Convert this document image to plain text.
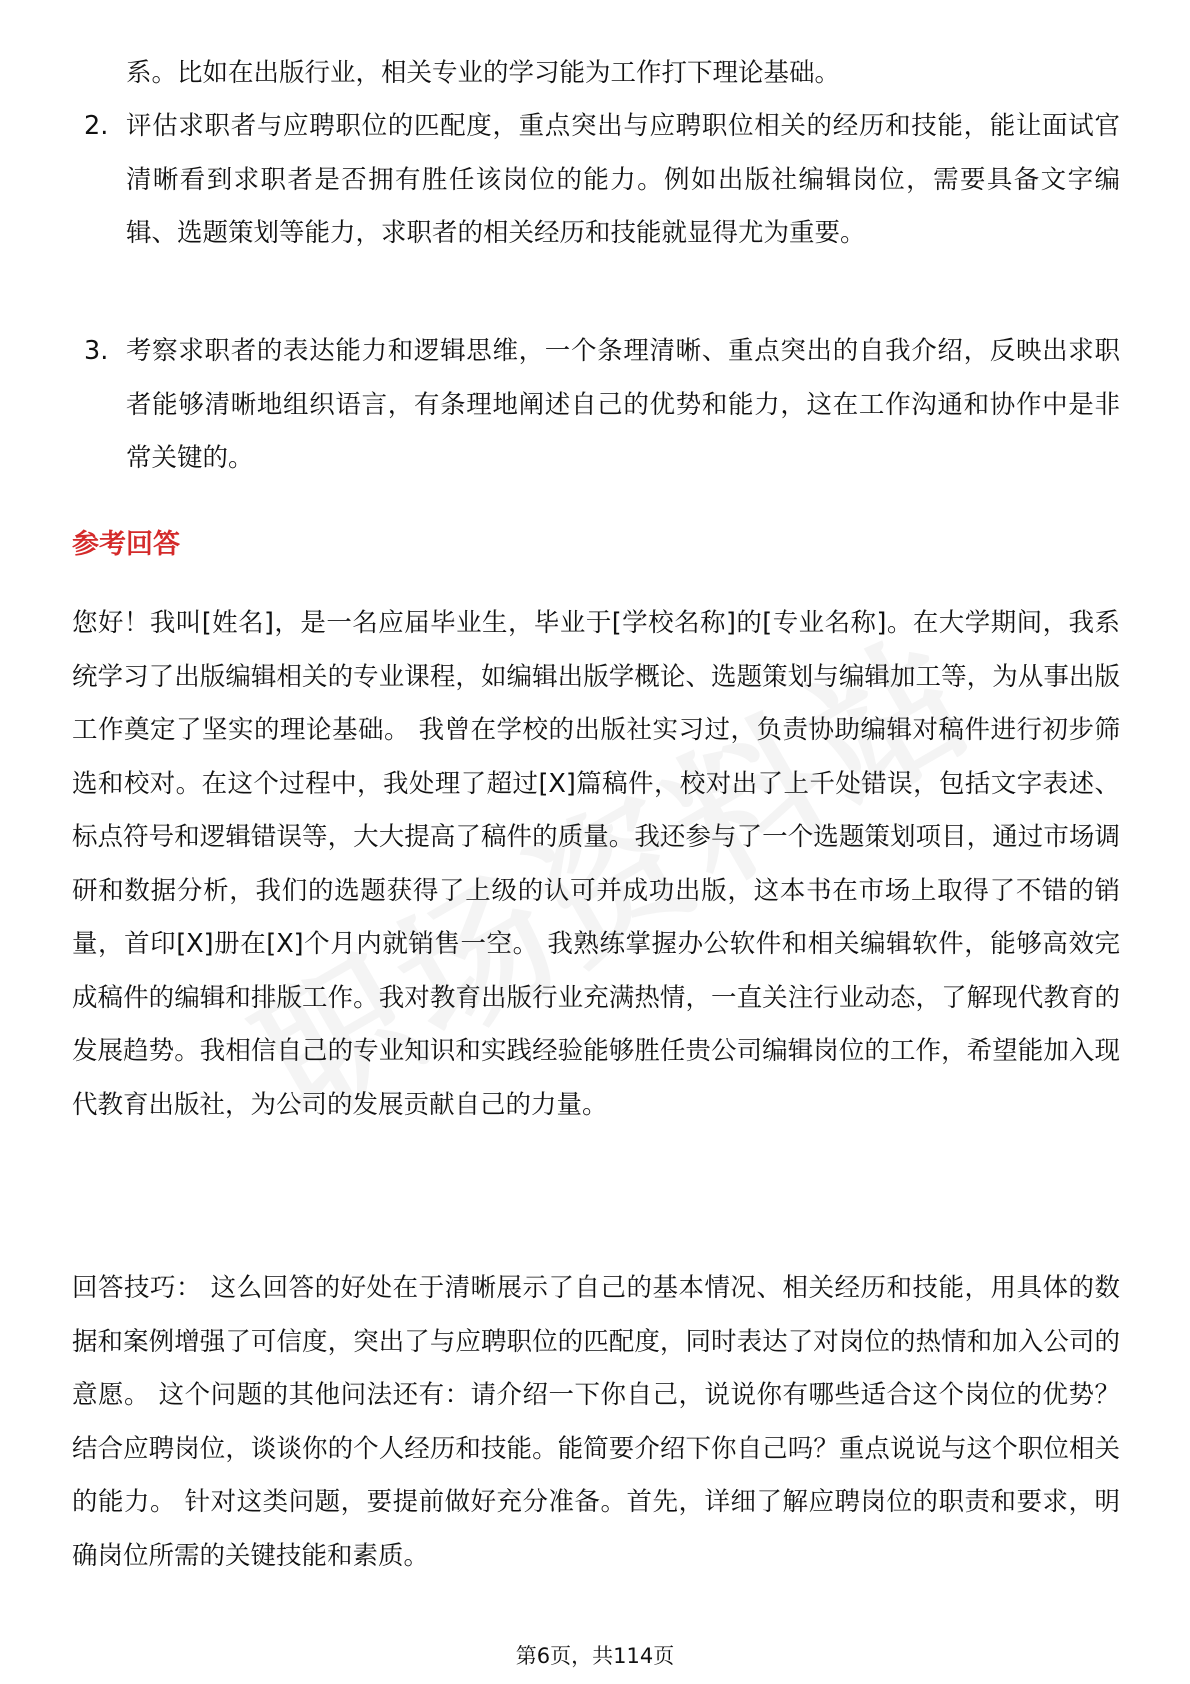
系。比如在出版行业，相关专业的学习能为工作打下理论基础。

2. 评估求职者与应聘职位的匹配度，重点突出与应聘职位相关的经历和技能，能让面试官清晰看到求职者是否拥有胜任该岗位的能力。例如出版社编辑岗位，需要具备文字编辑、选题策划等能力，求职者的相关经历和技能就显得尤为重要。
3. 考察求职者的表达能力和逻辑思维，一个条理清晰、重点突出的自我介绍，反映出求职者能够清晰地组织语言，有条理地阐述自己的优势和能力，这在工作沟通和协作中是非常关键的。
参考回答

您好！我叫[姓名]，是一名应届毕业生，毕业于[学校名称]的[专业名称]。在大学期间，我系统学习了出版编辑相关的专业课程，如编辑出版学概论、选题策划与编辑加工等，为从事出版工作奠定了坚实的理论基础。 我曾在学校的出版社实习过，负责协助编辑对稿件进行初步筛选和校对。在这个过程中，我处理了超过[X]篇稿件，校对出了上千处错误，包括文字表述、标点符号和逻辑错误等，大大提高了稿件的质量。我还参与了一个选题策划项目，通过市场调研和数据分析，我们的选题获得了上级的认可并成功出版，这本书在市场上取得了不错的销量，首印[X]册在[X]个月内就销售一空。 我熟练掌握办公软件和相关编辑软件，能够高效完成稿件的编辑和排版工作。我对教育出版行业充满热情，一直关注行业动态，了解现代教育的发展趋势。我相信自己的专业知识和实践经验能够胜任贵公司编辑岗位的工作，希望能加入现代教育出版社，为公司的发展贡献自己的力量。

回答技巧： 这么回答的好处在于清晰展示了自己的基本情况、相关经历和技能，用具体的数据和案例增强了可信度，突出了与应聘职位的匹配度，同时表达了对岗位的热情和加入公司的意愿。 这个问题的其他问法还有：请介绍一下你自己，说说你有哪些适合这个岗位的优势？结合应聘岗位，谈谈你的个人经历和技能。能简要介绍下你自己吗？重点说说与这个职位相关的能力。 针对这类问题，要提前做好充分准备。首先，详细了解应聘岗位的职责和要求，明确岗位所需的关键技能和素质。

第6页，共114页
